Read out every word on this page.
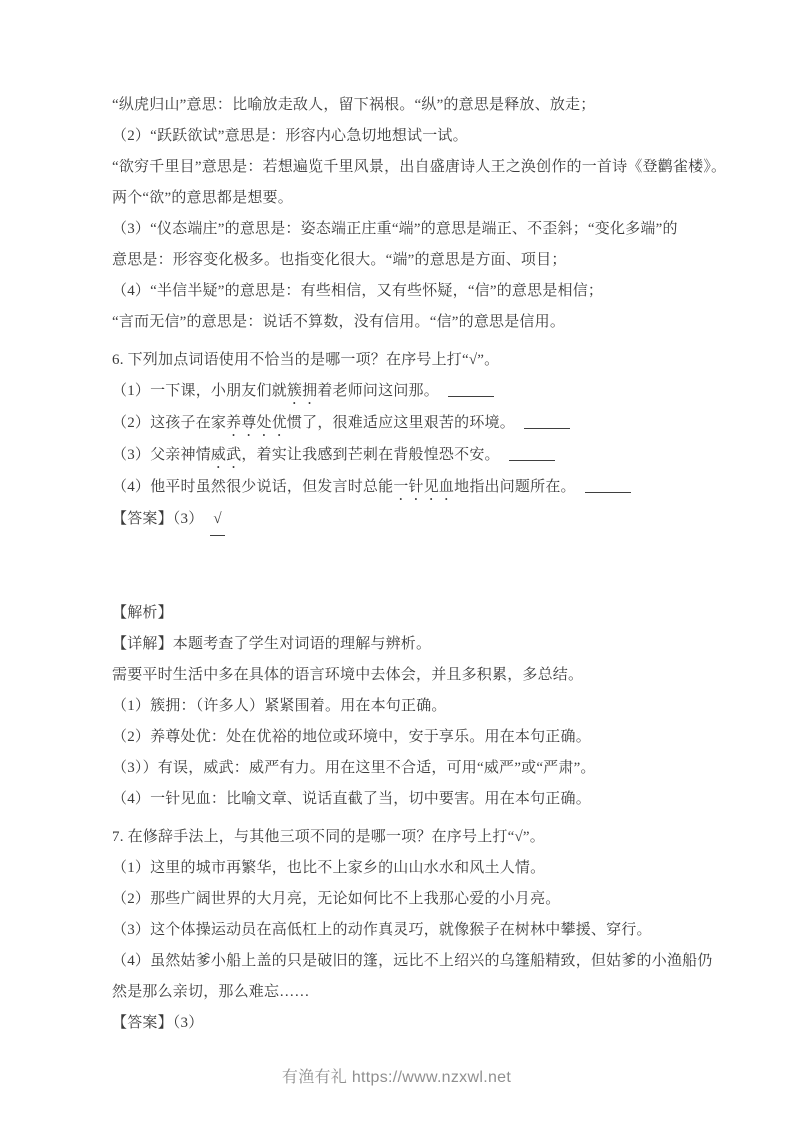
“纵虎归山”意思：比喻放走敌人，留下祸根。“纵”的意思是释放、放走；

（2）“跃跃欲试”意思是：形容内心急切地想试一试。

“欲穷千里目”意思是：若想遍览千里风景，出自盛唐诗人王之涣创作的一首诗《登鹳雀楼》。

两个“欲”的意思都是想要。

（3）“仪态端庄”的意思是：姿态端正庄重“端”的意思是端正、不歪斜；“变化多端”的

意思是：形容变化极多。也指变化很大。“端”的意思是方面、项目；

（4）“半信半疑”的意思是：有些相信，又有些怀疑，“信”的意思是相信；

“言而无信”的意思是：说话不算数，没有信用。“信”的意思是信用。

6. 下列加点词语使用不恰当的是哪一项？在序号上打“√”。

（1）一下课，小朋友们就簇拥着老师问这问那。

（2）这孩子在家养尊处优惯了，很难适应这里艰苦的环境。

（3）父亲神情威武，着实让我感到芒刺在背般惶恐不安。

（4）他平时虽然很少说话，但发言时总能一针见血地指出问题所在。

【答案】（3） √

【解析】

【详解】本题考查了学生对词语的理解与辨析。

需要平时生活中多在具体的语言环境中去体会，并且多积累，多总结。

（1）簇拥：（许多人）紧紧围着。用在本句正确。

（2）养尊处优：处在优裕的地位或环境中，安于享乐。用在本句正确。

（3））有误，威武：威严有力。用在这里不合适，可用“威严”或“严肃”。

（4）一针见血：比喻文章、说话直截了当，切中要害。用在本句正确。

7. 在修辞手法上，与其他三项不同的是哪一项？在序号上打“√”。

（1）这里的城市再繁华，也比不上家乡的山山水水和风土人情。

（2）那些广阔世界的大月亮，无论如何比不上我那心爱的小月亮。

（3）这个体操运动员在高低杠上的动作真灵巧，就像猴子在树林中攀援、穿行。

（4）虽然姑爹小船上盖的只是破旧的篷，远比不上绍兴的乌篷船精致，但姑爹的小渔船仍

然是那么亲切，那么难忘……

【答案】（3）

有渔有礼 https://www.nzxwl.net
